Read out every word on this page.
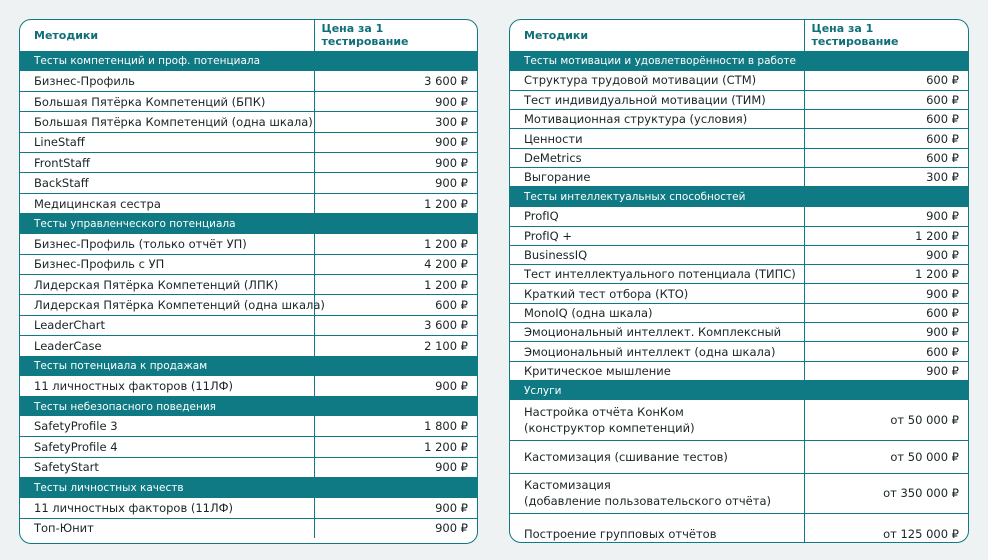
Методики	Цена за 1 тестирование
Тесты компетенций и проф. потенциала	

Бизнес-Профиль	3 600 ₽

Большая Пятёрка Компетенций (БПК)	900 ₽

Большая Пятёрка Компетенций (одна шкала)	300 ₽

LineStaff	900 ₽

FrontStaff	900 ₽

BackStaff	900 ₽

Медицинская сестра	1 200 ₽
Тесты управленческого потенциала	

Бизнес-Профиль (только отчёт УП)	1 200 ₽

Бизнес-Профиль с УП	4 200 ₽

Лидерская Пятёрка Компетенций (ЛПК)	1 200 ₽

Лидерская Пятёрка Компетенций (одна шкала)	600 ₽

LeaderChart	3 600 ₽

LeaderCase	2 100 ₽
Тесты потенциала к продажам	

11 личностных факторов (11ЛФ)	900 ₽
Тесты небезопасного поведения	

SafetyProfile 3	1 800 ₽

SafetyProfile 4	1 200 ₽

SafetyStart	900 ₽
Тесты личностных качеств	

11 личностных факторов (11ЛФ)	900 ₽

Топ-Юнит	900 ₽
Методики	Цена за 1 тестирование
Тесты мотивации и удовлетворённости в работе	

Структура трудовой мотивации (СТМ)	600 ₽

Тест индивидуальной мотивации (ТИМ)	600 ₽

Мотивационная структура (условия)	600 ₽

Ценности	600 ₽

DeMetrics	600 ₽

Выгорание	300 ₽
Тесты интеллектуальных способностей	

ProfIQ	900 ₽

ProfIQ +	1 200 ₽

BusinessIQ	900 ₽

Тест интеллектуального потенциала (ТИПС)	1 200 ₽

Краткий тест отбора (КТО)	900 ₽

MonoIQ (одна шкала)	600 ₽

Эмоциональный интеллект. Комплексный	900 ₽

Эмоциональный интеллект (одна шкала)	600 ₽

Критическое мышление	900 ₽
Услуги	

Настройка отчёта КонКом
(конструктор компетенций)	от 50 000 ₽

Кастомизация (сшивание тестов)	от 50 000 ₽

Кастомизация
(добавление пользовательского отчёта)	от 350 000 ₽

Построение групповых отчётов	от 125 000 ₽
